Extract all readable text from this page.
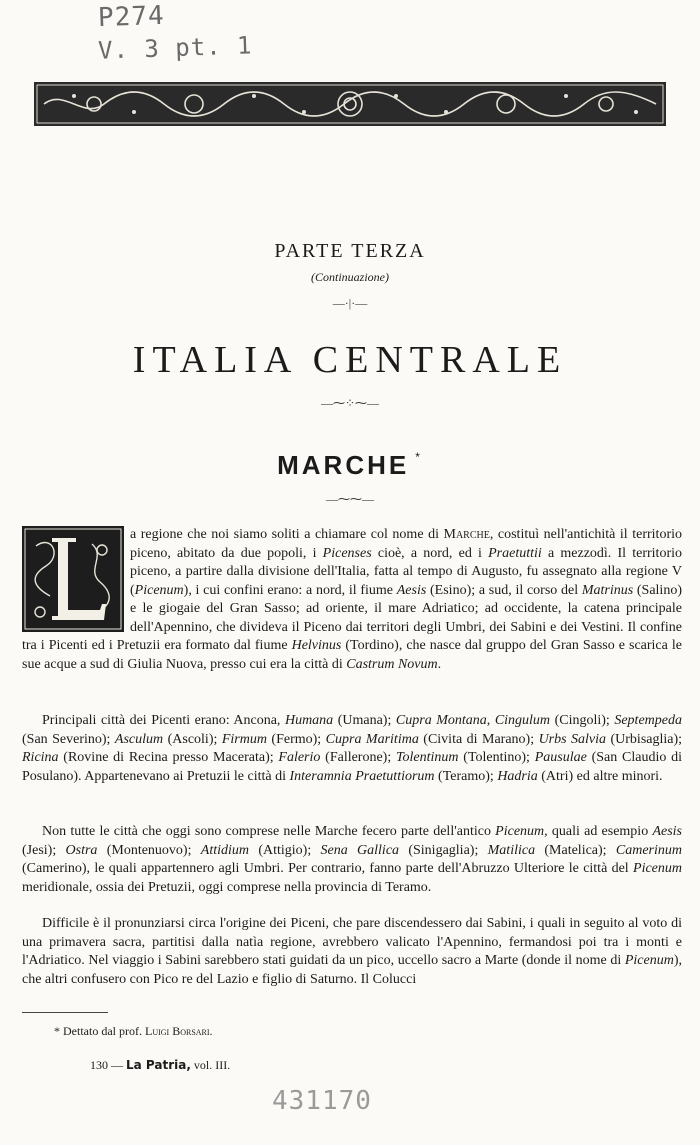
P274
V. 3 pt. 1
PARTE TERZA
(Continuazione)
—·|·—
ITALIA CENTRALE
—⁓⁘⁓—
MARCHE *
—⁓⁓—

a regione che noi siamo soliti a chiamare col nome di Marche, costituì nell'antichità il territorio piceno, abitato da due popoli, i Picenses cioè, a nord, ed i Praetuttii a mezzodì. Il territorio piceno, a partire dalla divisione dell'Italia, fatta al tempo di Augusto, fu assegnato alla regione V (Picenum), i cui confini erano: a nord, il fiume Aesis (Esino); a sud, il corso del Matrinus (Salino) e le giogaie del Gran Sasso; ad oriente, il mare Adriatico; ad occidente, la catena principale dell'Apennino, che divideva il Piceno dai territori degli Umbri, dei Sabini e dei Vestini. Il confine tra i Picenti ed i Pretuzii era formato dal fiume Helvinus (Tordino), che nasce dal gruppo del Gran Sasso e scarica le sue acque a sud di Giulia Nuova, presso cui era la città di Castrum Novum.

Principali città dei Picenti erano: Ancona, Humana (Umana); Cupra Montana, Cingulum (Cingoli); Septempeda (San Severino); Asculum (Ascoli); Firmum (Fermo); Cupra Maritima (Civita di Marano); Urbs Salvia (Urbisaglia); Ricina (Rovine di Recina presso Macerata); Falerio (Fallerone); Tolentinum (Tolentino); Pausulae (San Claudio di Posulano). Appartenevano ai Pretuzii le città di Interamnia Praetuttiorum (Teramo); Hadria (Atri) ed altre minori.

Non tutte le città che oggi sono comprese nelle Marche fecero parte dell'antico Picenum, quali ad esempio Aesis (Jesi); Ostra (Montenuovo); Attidium (Attigio); Sena Gallica (Sinigaglia); Matilica (Matelica); Camerinum (Camerino), le quali appartennero agli Umbri. Per contrario, fanno parte dell'Abruzzo Ulteriore le città del Picenum meridionale, ossia dei Pretuzii, oggi comprese nella provincia di Teramo.

Difficile è il pronunziarsi circa l'origine dei Piceni, che pare discendessero dai Sabini, i quali in seguito al voto di una primavera sacra, partitisi dalla natìa regione, avrebbero valicato l'Apennino, fermandosi poi tra i monti e l'Adriatico. Nel viaggio i Sabini sarebbero stati guidati da un pico, uccello sacro a Marte (donde il nome di Picenum), che altri confusero con Pico re del Lazio e figlio di Saturno. Il Colucci

* Dettato dal prof. Luigi Borsari.
130 — La Patria, vol. III.
431170
